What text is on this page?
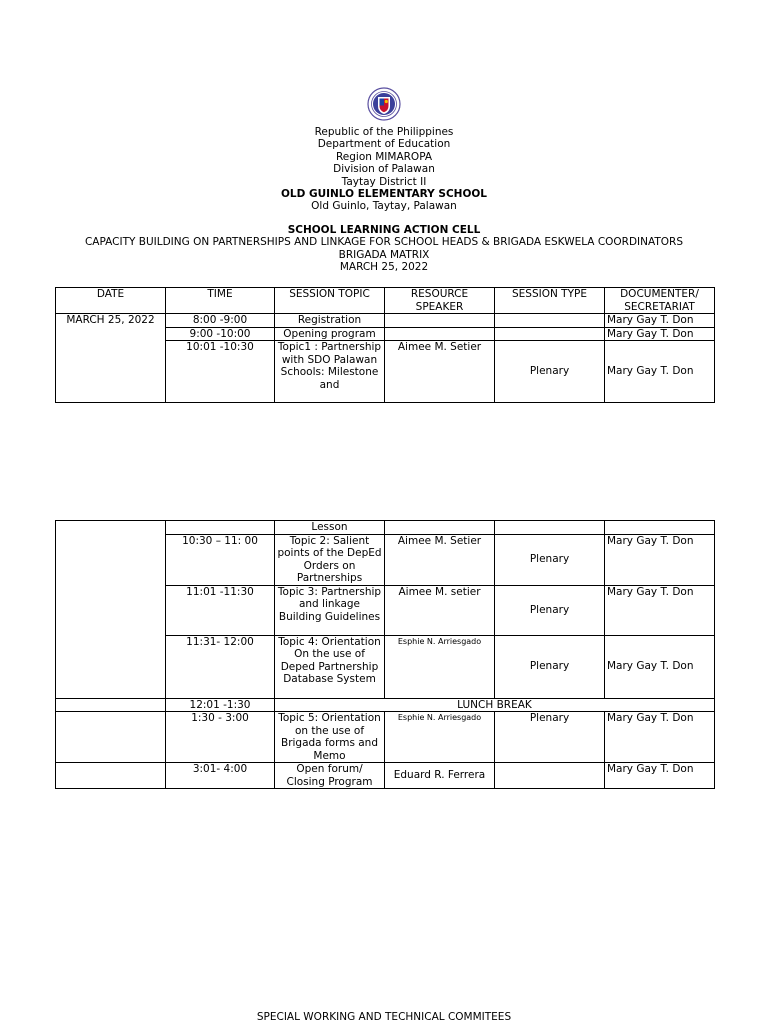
Republic of the Philippines
Department of Education
Region MIMAROPA
Division of Palawan
Taytay District II
OLD GUINLO ELEMENTARY SCHOOL
Old Guinlo, Taytay, Palawan
SCHOOL LEARNING ACTION CELL
CAPACITY BUILDING ON PARTNERSHIPS AND LINKAGE FOR SCHOOL HEADS & BRIGADA ESKWELA COORDINATORS
BRIGADA MATRIX
MARCH 25, 2022
DATE	TIME	SESSION TOPIC	RESOURCE SPEAKER	SESSION TYPE	DOCUMENTER/ SECRETARIAT
MARCH 25, 2022	8:00 -9:00	Registration			Mary Gay T. Don
	9:00 -10:00	Opening program			Mary Gay T. Don
	10:01 -10:30	Topic1 : Partnership with SDO Palawan Schools: Milestone and	Aimee M. Setier	Plenary	Mary Gay T. Don
		Lesson			
	10:30 – 11: 00	Topic 2: Salient points of the DepEd Orders on Partnerships	Aimee M. Setier	Plenary	Mary Gay T. Don
	11:01 -11:30	Topic 3: Partnership and linkage Building Guidelines	Aimee M. setier	Plenary	Mary Gay T. Don
	11:31- 12:00	Topic 4: Orientation On the use of Deped Partnership Database System	Esphie N. Arriesgado	Plenary	Mary Gay T. Don
	12:01 -1:30	LUNCH BREAK			
	1:30 - 3:00	Topic 5: Orientation on the use of Brigada forms and Memo	Esphie N. Arriesgado	Plenary	Mary Gay T. Don
	3:01- 4:00	Open forum/ Closing Program	Eduard R. Ferrera		Mary Gay T. Don
SPECIAL WORKING AND TECHNICAL COMMITEES
